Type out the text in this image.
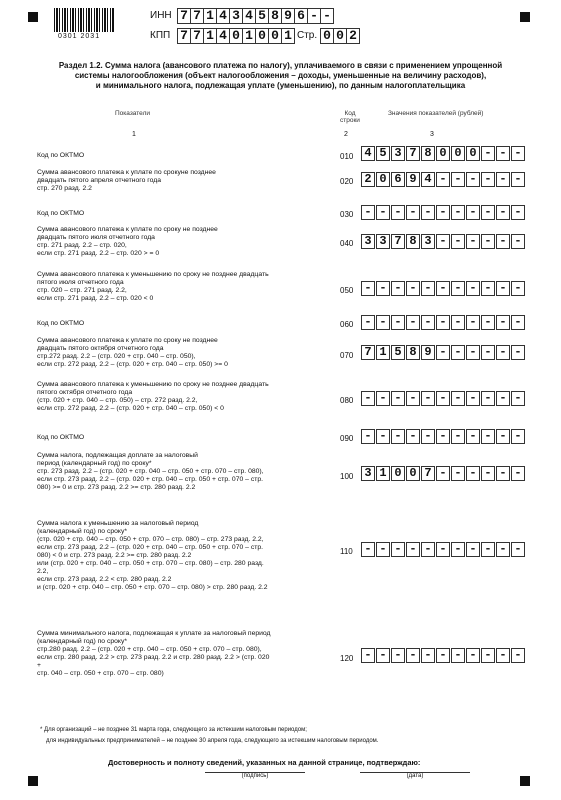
0301 2031
ИНН 7 7 1 4 3 4 5 8 9 6 - -
КПП 7 7 1 4 0 1 0 0 1 Стр. 0 0 2
Раздел 1.2. Сумма налога (авансового платежа по налогу), уплачиваемого в связи с применением упрощенной
системы налогообложения (объект налогообложения – доходы, уменьшенные на величину расходов),
и минимального налога, подлежащая уплате (уменьшению), по данным налогоплательщика
Показатели	Код
строки
Значения показателей (рублей)
1	2	3
Код по ОКТМО	010 4 5 3 7 8 0 0 0 - - -
Сумма авансового платежа к уплате по срокуне позднее
двадцать пятого апреля отчетного года
стр. 270 разд. 2.2
020 2 0 6 9 4 - - - - - -
Код по ОКТМО	030 - - - - - - - - - - -
Сумма авансового платежа к уплате по сроку не позднее
двадцать пятого июля отчетного года
стр. 271 разд. 2.2 – стр. 020,
если стр. 271 разд. 2.2 – стр. 020 > = 0
040 3 3 7 8 3 - - - - - -
Сумма авансового платежа к уменьшению по сроку не позднее двадцать
пятого июля отчетного года
стр. 020 – стр. 271 разд. 2.2,
если стр. 271 разд. 2.2 – стр. 020 < 0
050 - - - - - - - - - - -
Код по ОКТМО	060 - - - - - - - - - - -
Сумма авансового платежа к уплате по сроку не позднее
двадцать пятого октября отчетного года
стр.272 разд. 2.2 – (стр. 020 + стр. 040 – стр. 050),
если стр. 272 разд. 2.2 – (стр. 020 + стр. 040 – стр. 050) >= 0
070 7 1 5 8 9 - - - - - -
Сумма авансового платежа к уменьшению по сроку не позднее двадцать
пятого октября отчетного года
(стр. 020 + стр. 040 – стр. 050) – стр. 272 разд. 2.2,
если стр. 272 разд. 2.2 – (стр. 020 + стр. 040 – стр. 050) < 0
080 - - - - - - - - - - -
Код по ОКТМО	090 - - - - - - - - - - -
Сумма налога, подлежащая доплате за налоговый
период (календарный год) по сроку*
стр. 273 разд. 2.2 – (стр. 020 + стр. 040 – стр. 050 + стр. 070 – стр. 080),
если стр. 273 разд. 2.2 – (стр. 020 + стр. 040 – стр. 050 + стр. 070 – стр.
080) >= 0 и стр. 273 разд. 2.2 >= стр. 280 разд. 2.2
100 3 1 0 0 7 - - - - - -
Сумма налога к уменьшению за налоговый период
(календарный год) по сроку*
(стр. 020 + стр. 040 – стр. 050 + стр. 070 – стр. 080) – стр. 273 разд. 2.2,
если стр. 273 разд. 2.2 – (стр. 020 + стр. 040 – стр. 050 + стр. 070 – стр.
080) < 0 и стр. 273 разд. 2.2 >= стр. 280 разд. 2.2
или (стр. 020 + стр. 040 – стр. 050 + стр. 070 – стр. 080) – стр. 280 разд.
2.2,
если стр. 273 разд. 2.2 < стр. 280 разд. 2.2
и (стр. 020 + стр. 040 – стр. 050 + стр. 070 – стр. 080) > стр. 280 разд. 2.2
110 - - - - - - - - - - -
Сумма минимального налога, подлежащая к уплате за налоговый период
(календарный год) по сроку*
стр.280 разд. 2.2 – (стр. 020 + стр. 040 – стр. 050 + стр. 070 – стр. 080),
если стр. 280 разд. 2.2 > стр. 273 разд. 2.2 и стр. 280 разд. 2.2 > (стр. 020
+
стр. 040 – стр. 050 + стр. 070 – стр. 080)
120 - - - - - - - - - - -
* Для организаций – не позднее 31 марта года, следующего за истекшим налоговым периодом;
для индивидуальных предпринимателей – не позднее 30 апреля года, следующего за истекшим налоговым периодом.
Достоверность и полноту сведений, указанных на данной странице, подтверждаю:
(подпись)	(дата)
